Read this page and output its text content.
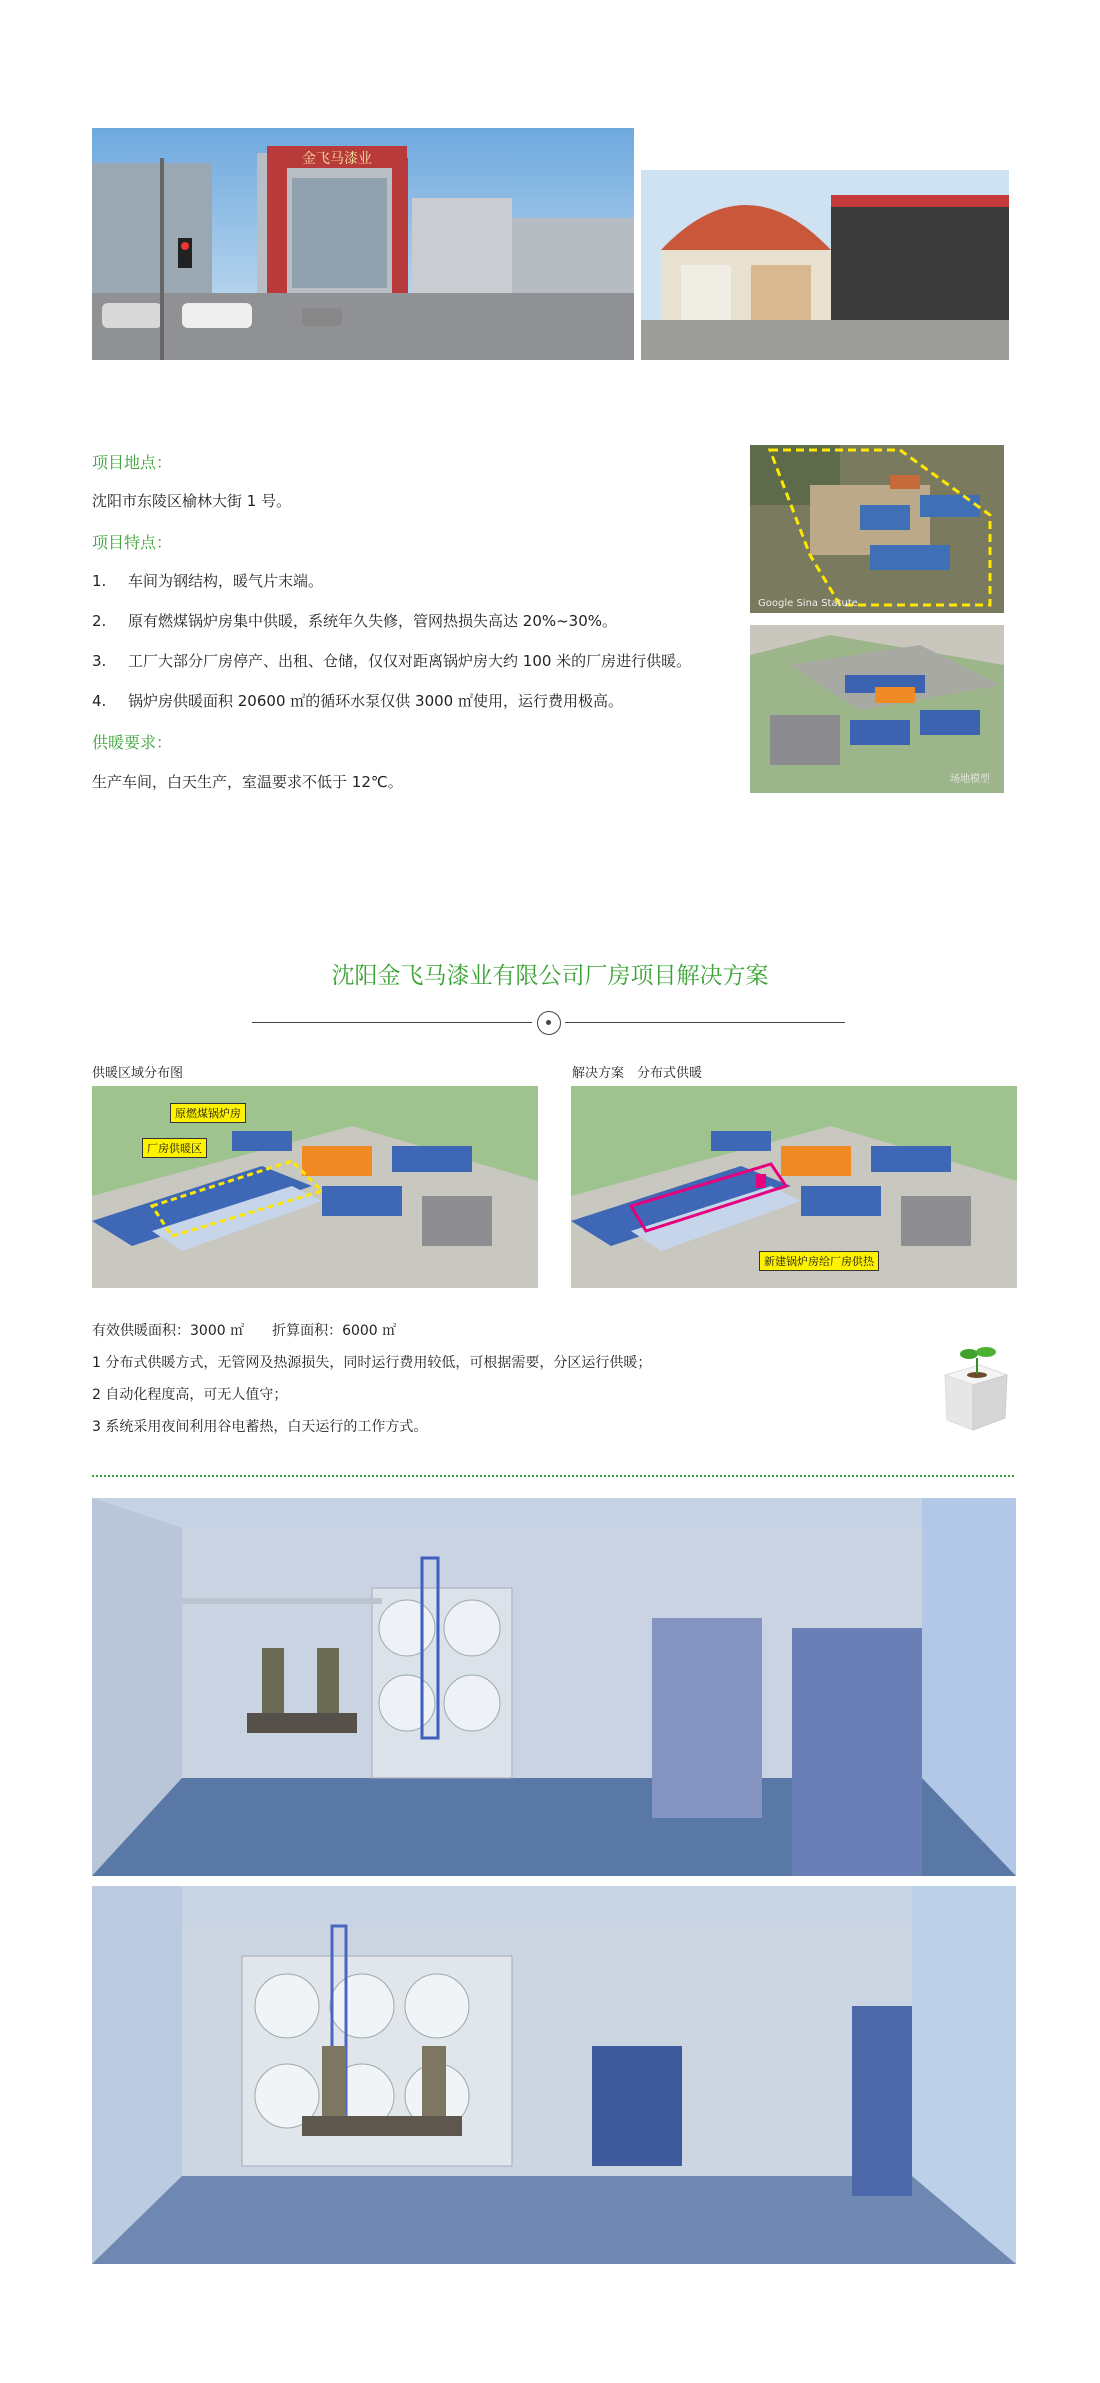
金飞马漆业
项目地点：
沈阳市东陵区榆林大街 1 号。
项目特点：
1. 车间为钢结构，暖气片末端。
2. 原有燃煤锅炉房集中供暖，系统年久失修，管网热损失高达 20%~30%。
3. 工厂大部分厂房停产、出租、仓储，仅仅对距离锅炉房大约 100 米的厂房进行供暖。
4. 锅炉房供暖面积 20600 ㎡的循环水泵仅供 3000 ㎡使用，运行费用极高。
供暖要求：
生产车间，白天生产，室温要求不低于 12℃。
Google Sina Statute
场地模型
沈阳金飞马漆业有限公司厂房项目解决方案
供暖区域分布图	解决方案　分布式供暖
原燃煤锅炉房
厂房供暖区
新建锅炉房给厂房供热
有效供暖面积：3000 ㎡　　折算面积：6000 ㎡
1 分布式供暖方式，无管网及热源损失，同时运行费用较低，可根据需要，分区运行供暖；
2 自动化程度高，可无人值守；
3 系统采用夜间利用谷电蓄热，白天运行的工作方式。
